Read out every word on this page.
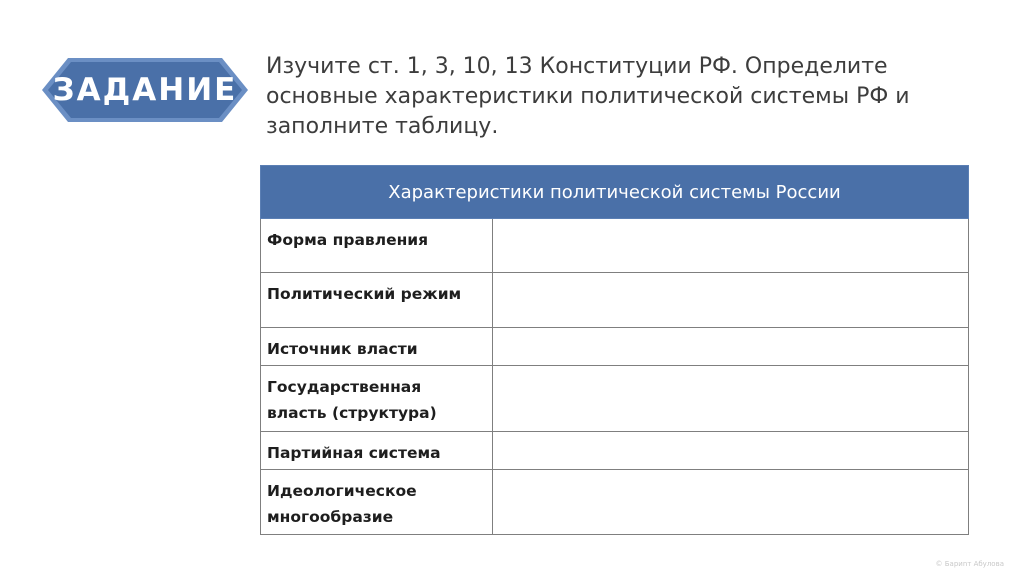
ЗАДАНИЕ
Изучите ст. 1, 3, 10, 13 Конституции РФ. Определите основные характеристики политической системы РФ и заполните таблицу.
Характеристики политической системы России	
Форма правления	
Политический режим	
Источник власти	
Государственная власть (структура)	
Партийная система	
Идеологическое многообразие	
© Бариnт Абулова
